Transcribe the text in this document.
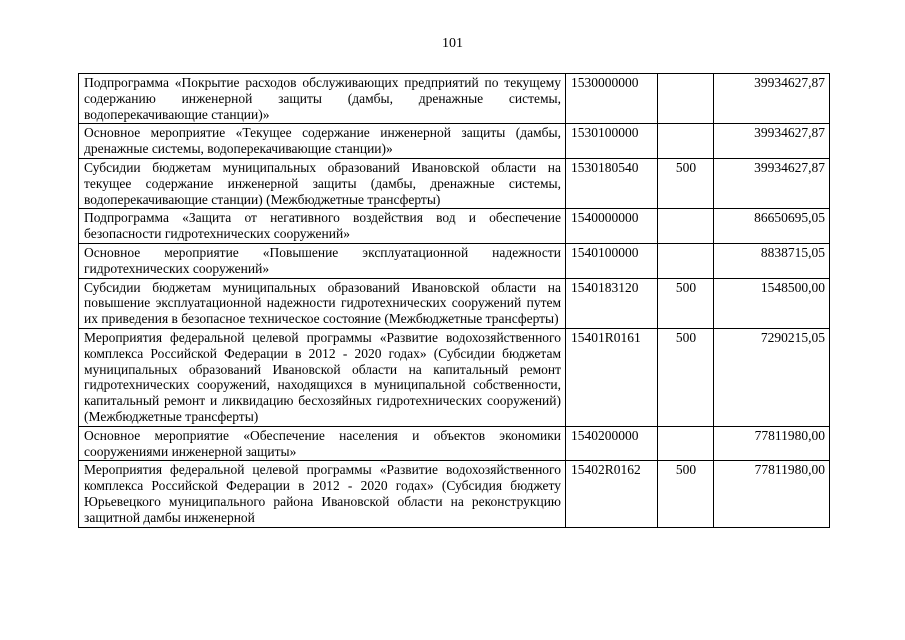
101
Подпрограмма «Покрытие расходов обслуживающих предприятий по текущему содержанию инженерной защиты (дамбы, дренажные системы, водоперекачивающие станции)»	1530000000		39934627,87
Основное мероприятие «Текущее содержание инженерной защиты (дамбы, дренажные системы, водоперекачивающие станции)»	1530100000		39934627,87
Субсидии бюджетам муниципальных образований Ивановской области на текущее содержание инженерной защиты (дамбы, дренажные системы, водоперекачивающие станции) (Межбюджетные трансферты)	1530180540	500	39934627,87
Подпрограмма «Защита от негативного воздействия вод и обеспечение безопасности гидротехнических сооружений»	1540000000		86650695,05
Основное мероприятие «Повышение эксплуатационной надежности гидротехнических сооружений»	1540100000		8838715,05
Субсидии бюджетам муниципальных образований Ивановской области на повышение эксплуатационной надежности гидротехнических сооружений путем их приведения в безопасное техническое состояние (Межбюджетные трансферты)	1540183120	500	1548500,00
Мероприятия федеральной целевой программы «Развитие водохозяйственного комплекса Российской Федерации в 2012 - 2020 годах» (Субсидии бюджетам муниципальных образований Ивановской области на капитальный ремонт гидротехнических сооружений, находящихся в муниципальной собственности, капитальный ремонт и ликвидацию бесхозяйных гидротехнических сооружений) (Межбюджетные трансферты)	15401R0161	500	7290215,05
Основное мероприятие «Обеспечение населения и объектов экономики сооружениями инженерной защиты»	1540200000		77811980,00
Мероприятия федеральной целевой программы «Развитие водохозяйственного комплекса Российской Федерации в 2012 - 2020 годах» (Субсидия бюджету Юрьевецкого муниципального района Ивановской области на реконструкцию защитной дамбы инженерной	15402R0162	500	77811980,00
